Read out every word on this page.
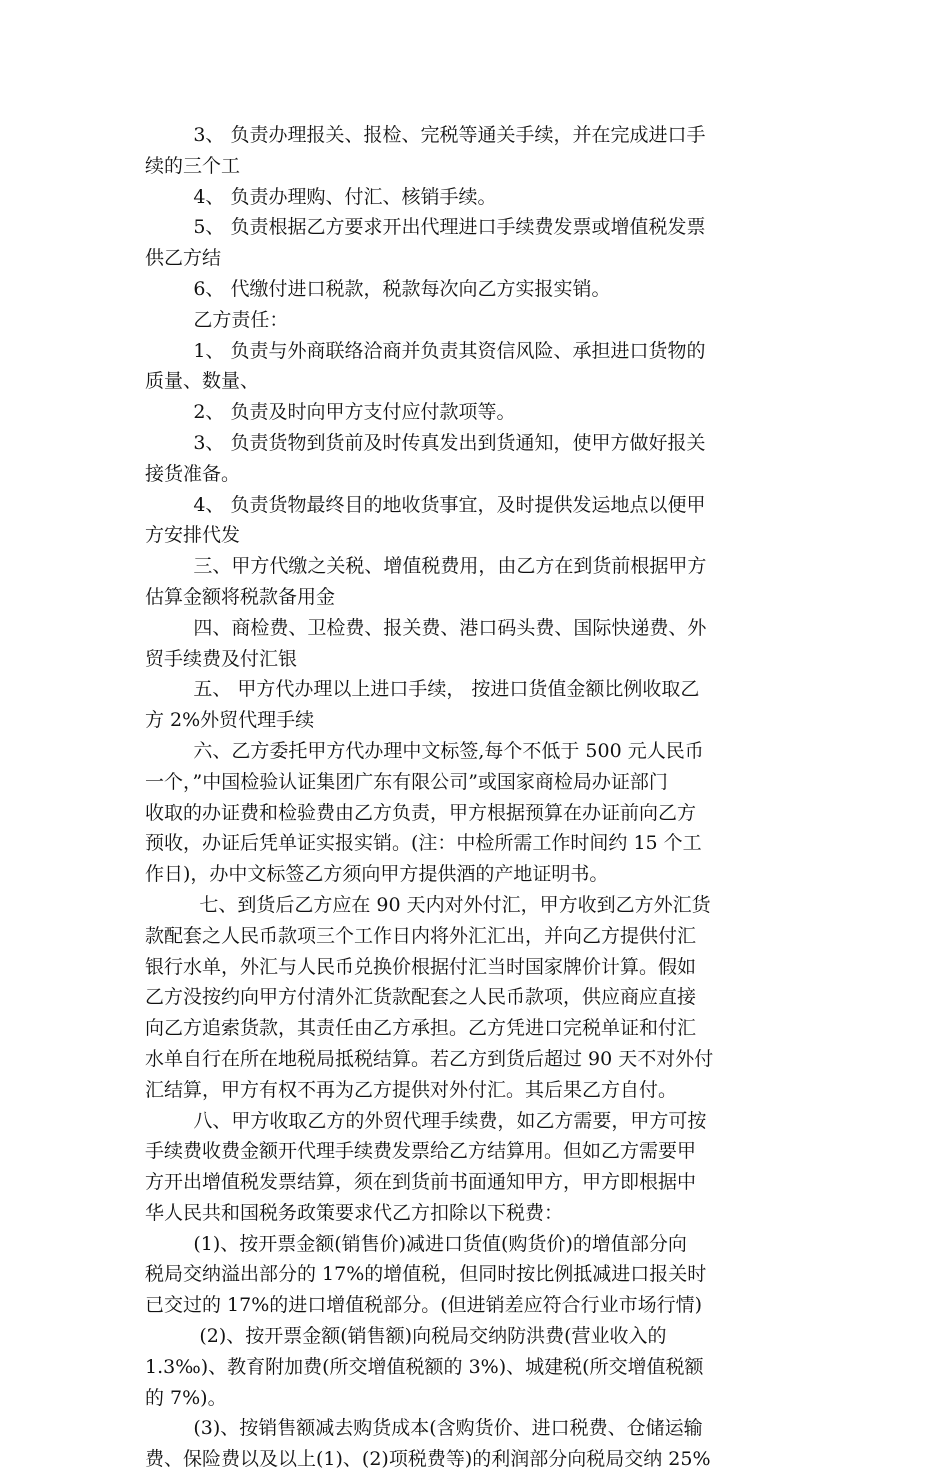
3、 负责办理报关、报检、完税等通关手续，并在完成进口手
续的三个工
4、 负责办理购、付汇、核销手续。
5、 负责根据乙方要求开出代理进口手续费发票或增值税发票
供乙方结
6、 代缴付进口税款，税款每次向乙方实报实销。
乙方责任：
1、 负责与外商联络洽商并负责其资信风险、承担进口货物的
质量、数量、
2、 负责及时向甲方支付应付款项等。
3、 负责货物到货前及时传真发出到货通知，使甲方做好报关
接货准备。
4、 负责货物最终目的地收货事宜，及时提供发运地点以便甲
方安排代发
三、甲方代缴之关税、增值税费用，由乙方在到货前根据甲方
估算金额将税款备用金
四、商检费、卫检费、报关费、港口码头费、国际快递费、外
贸手续费及付汇银
五、 甲方代办理以上进口手续， 按进口货值金额比例收取乙
方 2%外贸代理手续
六、乙方委托甲方代办理中文标签,每个不低于 500 元人民币
一个，”中国检验认证集团广东有限公司”或国家商检局办证部门
收取的办证费和检验费由乙方负责，甲方根据预算在办证前向乙方
预收，办证后凭单证实报实销。(注：中检所需工作时间约 15 个工
作日)，办中文标签乙方须向甲方提供酒的产地证明书。
七、到货后乙方应在 90 天内对外付汇，甲方收到乙方外汇货
款配套之人民币款项三个工作日内将外汇汇出，并向乙方提供付汇
银行水单，外汇与人民币兑换价根据付汇当时国家牌价计算。假如
乙方没按约向甲方付清外汇货款配套之人民币款项，供应商应直接
向乙方追索货款，其责任由乙方承担。乙方凭进口完税单证和付汇
水单自行在所在地税局抵税结算。若乙方到货后超过 90 天不对外付
汇结算，甲方有权不再为乙方提供对外付汇。其后果乙方自付。
八、甲方收取乙方的外贸代理手续费，如乙方需要，甲方可按
手续费收费金额开代理手续费发票给乙方结算用。但如乙方需要甲
方开出增值税发票结算，须在到货前书面通知甲方，甲方即根据中
华人民共和国税务政策要求代乙方扣除以下税费：
(1)、按开票金额(销售价)减进口货值(购货价)的增值部分向
税局交纳溢出部分的 17%的增值税，但同时按比例抵减进口报关时
已交过的 17%的进口增值税部分。(但进销差应符合行业市场行情)
(2)、按开票金额(销售额)向税局交纳防洪费(营业收入的
1.3‰)、教育附加费(所交增值税额的 3%)、城建税(所交增值税额
的 7%)。
(3)、按销售额减去购货成本(含购货价、进口税费、仓储运输
费、保险费以及以上(1)、(2)项税费等)的利润部分向税局交纳 25%
